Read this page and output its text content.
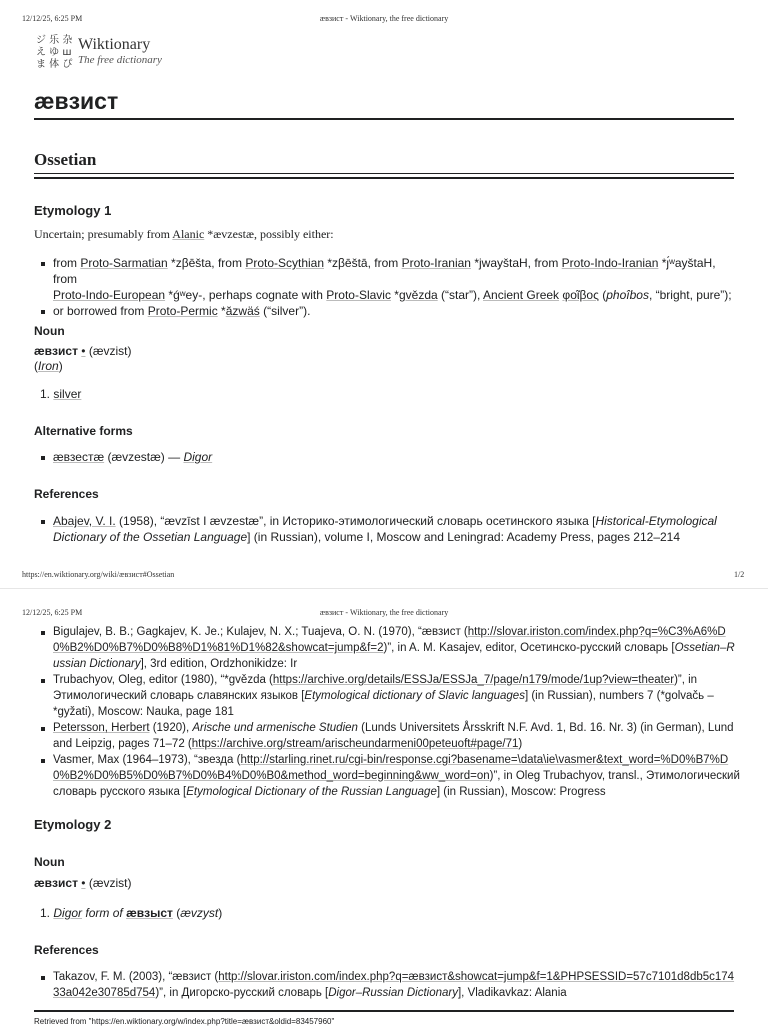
12/12/25, 6:25 PM	æвзист - Wiktionary, the free dictionary
ジ 乐 杂
え ゆ ш
ま 体 ぴ
Wiktionary
The free dictionary
æвзист
Ossetian
Etymology 1
Uncertain; presumably from Alanic *ævzestæ, possibly either:
from Proto-Sarmatian *zβēšta, from Proto-Scythian *zβēštā, from Proto-Iranian *jwayštaH, from Proto-Indo-Iranian *ȷ́ʷayštaH, from
Proto-Indo-European *ǵʷey-, perhaps cognate with Proto-Slavic *gvězda (“star”), Ancient Greek φοῖβος (phoîbos, “bright, pure”);
or borrowed from Proto-Permic *ăzwäś (“silver”).
Noun
æвзист • (ævzist)
(Iron)
1. silver
Alternative forms
æвзестæ (ævzestæ) — Digor
References
Abajev, V. I. (1958), “ævzīst I ævzestæ”, in Историко-этимологический словарь осетинского языка [Historical-Etymological Dictionary of the Ossetian Language] (in Russian), volume I, Moscow and Leningrad: Academy Press, pages 212–214
https://en.wiktionary.org/wiki/æвзист#Ossetian	1/2
12/12/25, 6:25 PM	æвзист - Wiktionary, the free dictionary
Bigulajev, B. B.; Gagkajev, K. Je.; Kulajev, N. X.; Tuajeva, O. N. (1970), “æвзист (http://slovar.iriston.com/index.php?q=%C3%A6%D0%B2%D0%B7%D0%B8%D1%81%D1%82&showcat=jump&f=2)”, in A. M. Kasajev, editor, Осетинско-русский словарь [Ossetian–Russian Dictionary], 3rd edition, Ordzhonikidze: Ir
Trubachyov, Oleg, editor (1980), “*gvězda (https://archive.org/details/ESSJa/ESSJa_7/page/n179/mode/1up?view=theater)”, in Этимологический словарь славянских языков [Etymological dictionary of Slavic languages] (in Russian), numbers 7 (*golvačь – *gyžati), Moscow: Nauka, page 181
Petersson, Herbert (1920), Arische und armenische Studien (Lunds Universitets Årsskrift N.F. Avd. 1, Bd. 16. Nr. 3) (in German), Lund and Leipzig, pages 71–72 (https://archive.org/stream/arischeundarmeni00peteuoft#page/71)
Vasmer, Max (1964–1973), “звезда (http://starling.rinet.ru/cgi-bin/response.cgi?basename=\data\ie\vasmer&text_word=%D0%B7%D0%B2%D0%B5%D0%B7%D0%B4%D0%B0&method_word=beginning&ww_word=on)”, in Oleg Trubachyov, transl., Этимологический словарь русского языка [Etymological Dictionary of the Russian Language] (in Russian), Moscow: Progress
Etymology 2
Noun
æвзист • (ævzist)
1. Digor form of æвзыст (ævzyst)
References
Takazov, F. M. (2003), “æвзист (http://slovar.iriston.com/index.php?q=æвзист&showcat=jump&f=1&PHPSESSID=57c7101d8db5c17433a042e30785d754)”, in Дигорско-русский словарь [Digor–Russian Dictionary], Vladikavkaz: Alania
Retrieved from "https://en.wiktionary.org/w/index.php?title=æвзист&oldid=83457960"
